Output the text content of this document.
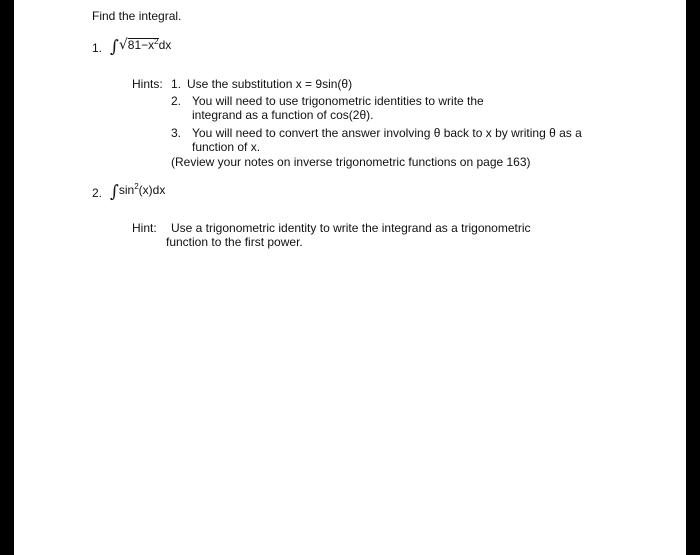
Find the integral.
1. $\int√81-x^2dx$
Hints: 1. Use the substitution x = 9sin(θ)
2. You will need to use trigonometric identities to write the
integrand as a function of cos(2θ).
3. You will need to convert the answer involving θ back to x by writing θ as a
function of x.
(Review your notes on inverse trigonometric functions on page 163)
2. $\int\sin^2(x)dx$
Hint: Use a trigonometric identity to write the integrand as a trigonometric
function to the first power.
